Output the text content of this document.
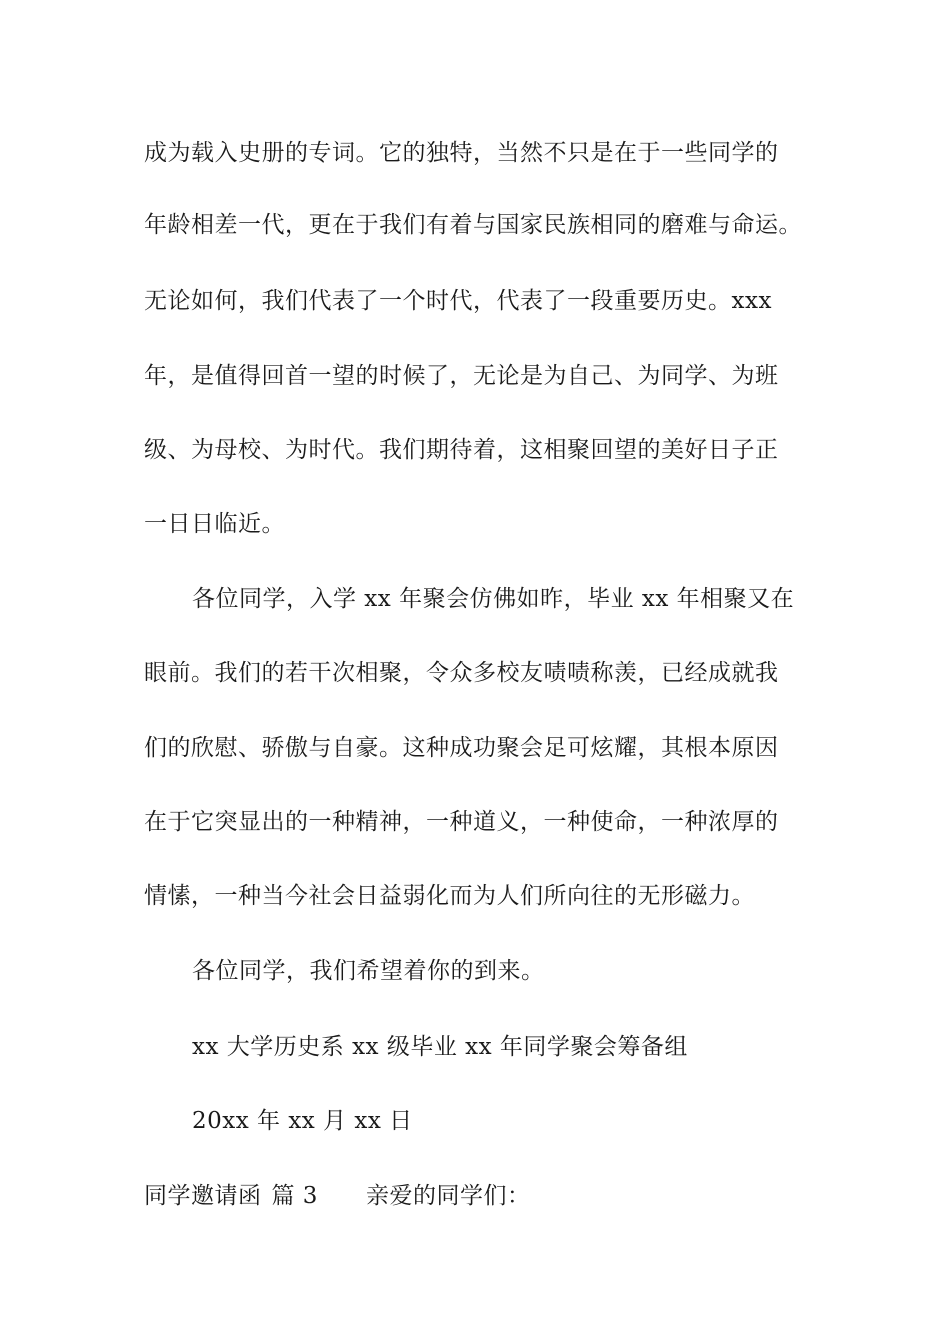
成为载入史册的专词。它的独特，当然不只是在于一些同学的
年龄相差一代，更在于我们有着与国家民族相同的磨难与命运。
无论如何，我们代表了一个时代，代表了一段重要历史。xxx
年，是值得回首一望的时候了，无论是为自己、为同学、为班
级、为母校、为时代。我们期待着，这相聚回望的美好日子正
一日日临近。
各位同学，入学 xx 年聚会仿佛如昨，毕业 xx 年相聚又在
眼前。我们的若干次相聚，令众多校友啧啧称羡，已经成就我
们的欣慰、骄傲与自豪。这种成功聚会足可炫耀，其根本原因
在于它突显出的一种精神，一种道义，一种使命，一种浓厚的
情愫，一种当今社会日益弱化而为人们所向往的无形磁力。
各位同学，我们希望着你的到来。
xx 大学历史系 xx 级毕业 xx 年同学聚会筹备组
20xx 年 xx 月 xx 日
同学邀请函 篇 3 亲爱的同学们：
